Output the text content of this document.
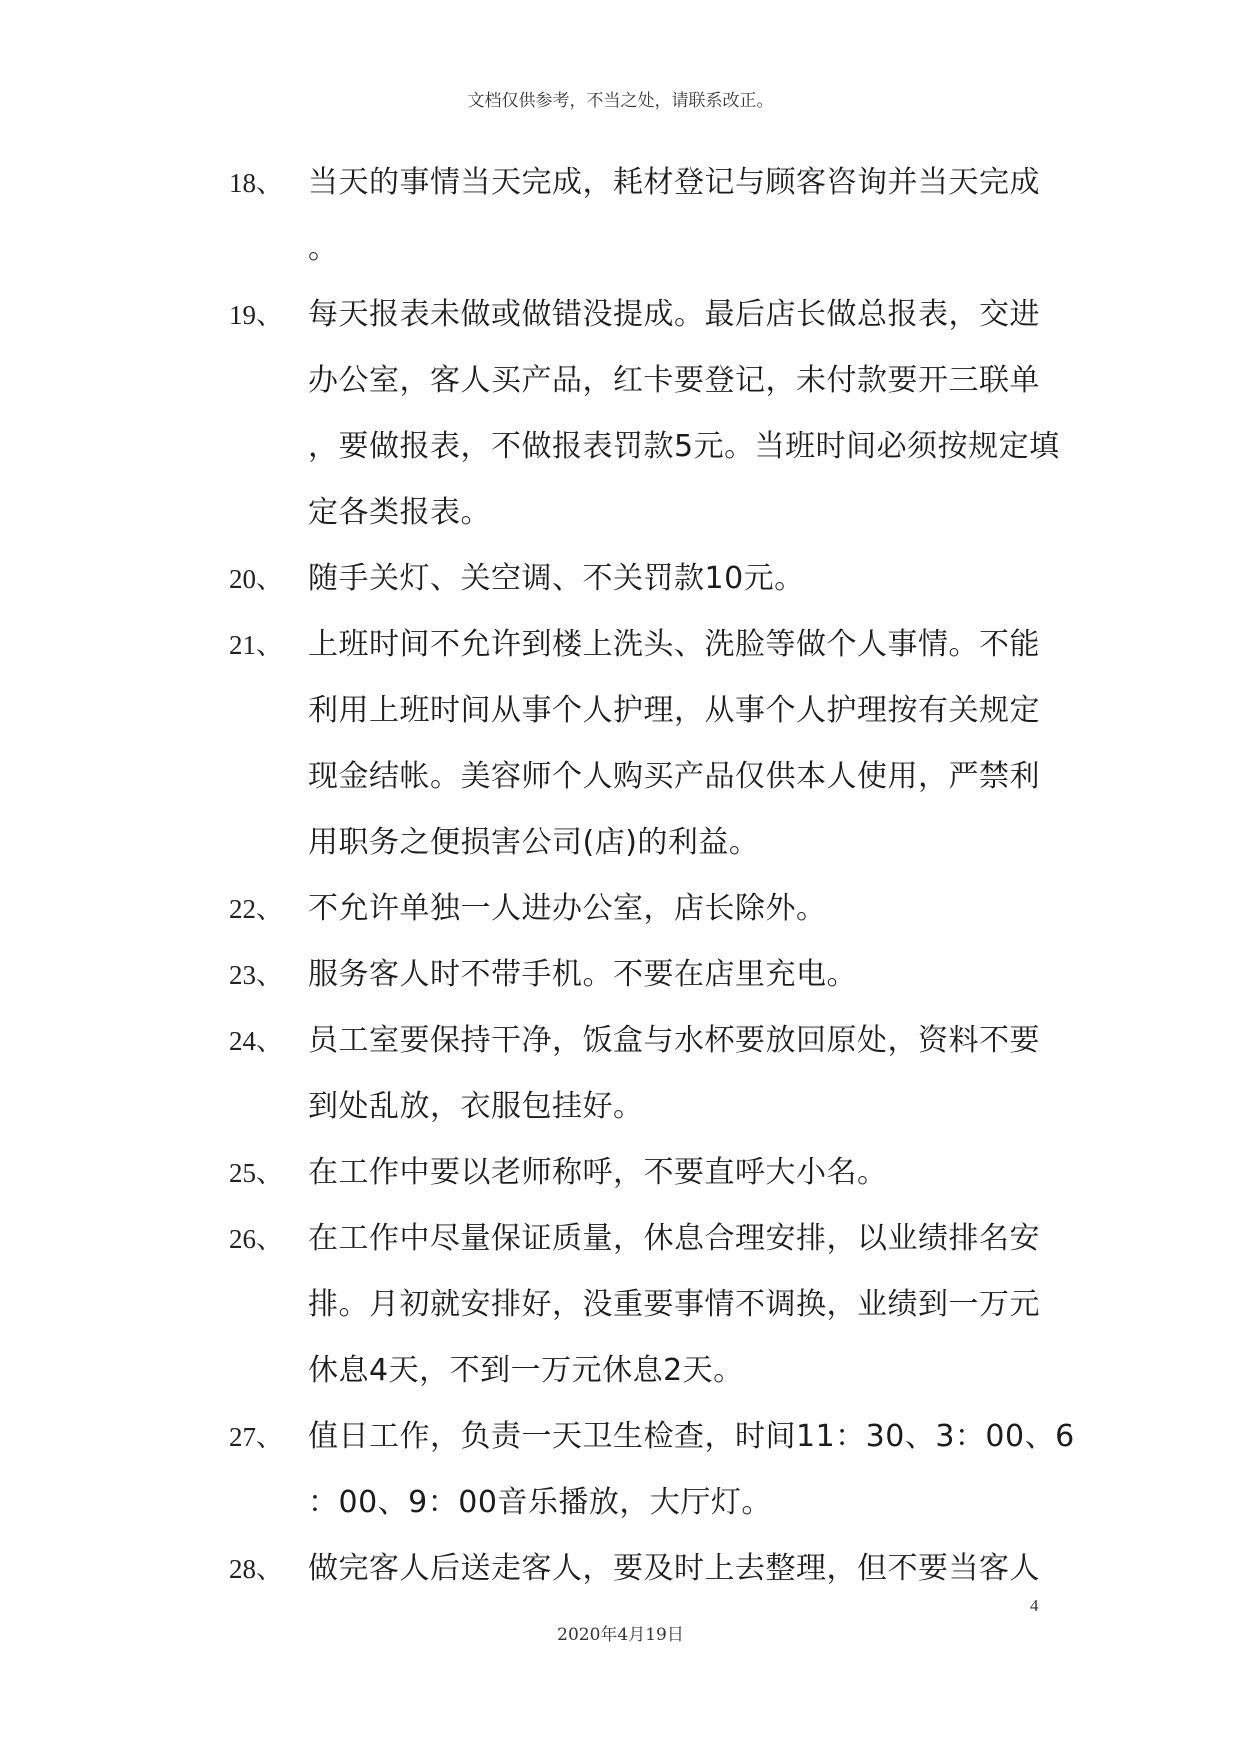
文档仅供参考，不当之处，请联系改正。
18、 当天的事情当天完成，耗材登记与顾客咨询并当天完成
。
19、 每天报表未做或做错没提成。最后店长做总报表，交进
办公室，客人买产品，红卡要登记，未付款要开三联单
，要做报表，不做报表罚款5元。当班时间必须按规定填
定各类报表。
20、 随手关灯、关空调、不关罚款10元。
21、 上班时间不允许到楼上洗头、洗脸等做个人事情。不能
利用上班时间从事个人护理，从事个人护理按有关规定
现金结帐。美容师个人购买产品仅供本人使用，严禁利
用职务之便损害公司(店)的利益。
22、 不允许单独一人进办公室，店长除外。
23、 服务客人时不带手机。不要在店里充电。
24、 员工室要保持干净，饭盒与水杯要放回原处，资料不要
到处乱放，衣服包挂好。
25、 在工作中要以老师称呼，不要直呼大小名。
26、 在工作中尽量保证质量，休息合理安排，以业绩排名安
排。月初就安排好，没重要事情不调换，业绩到一万元
休息4天，不到一万元休息2天。
27、 值日工作，负责一天卫生检查，时间11：30、3：00、6
：00、9：00音乐播放，大厅灯。
28、 做完客人后送走客人，要及时上去整理，但不要当客人
4
2020年4月19日
